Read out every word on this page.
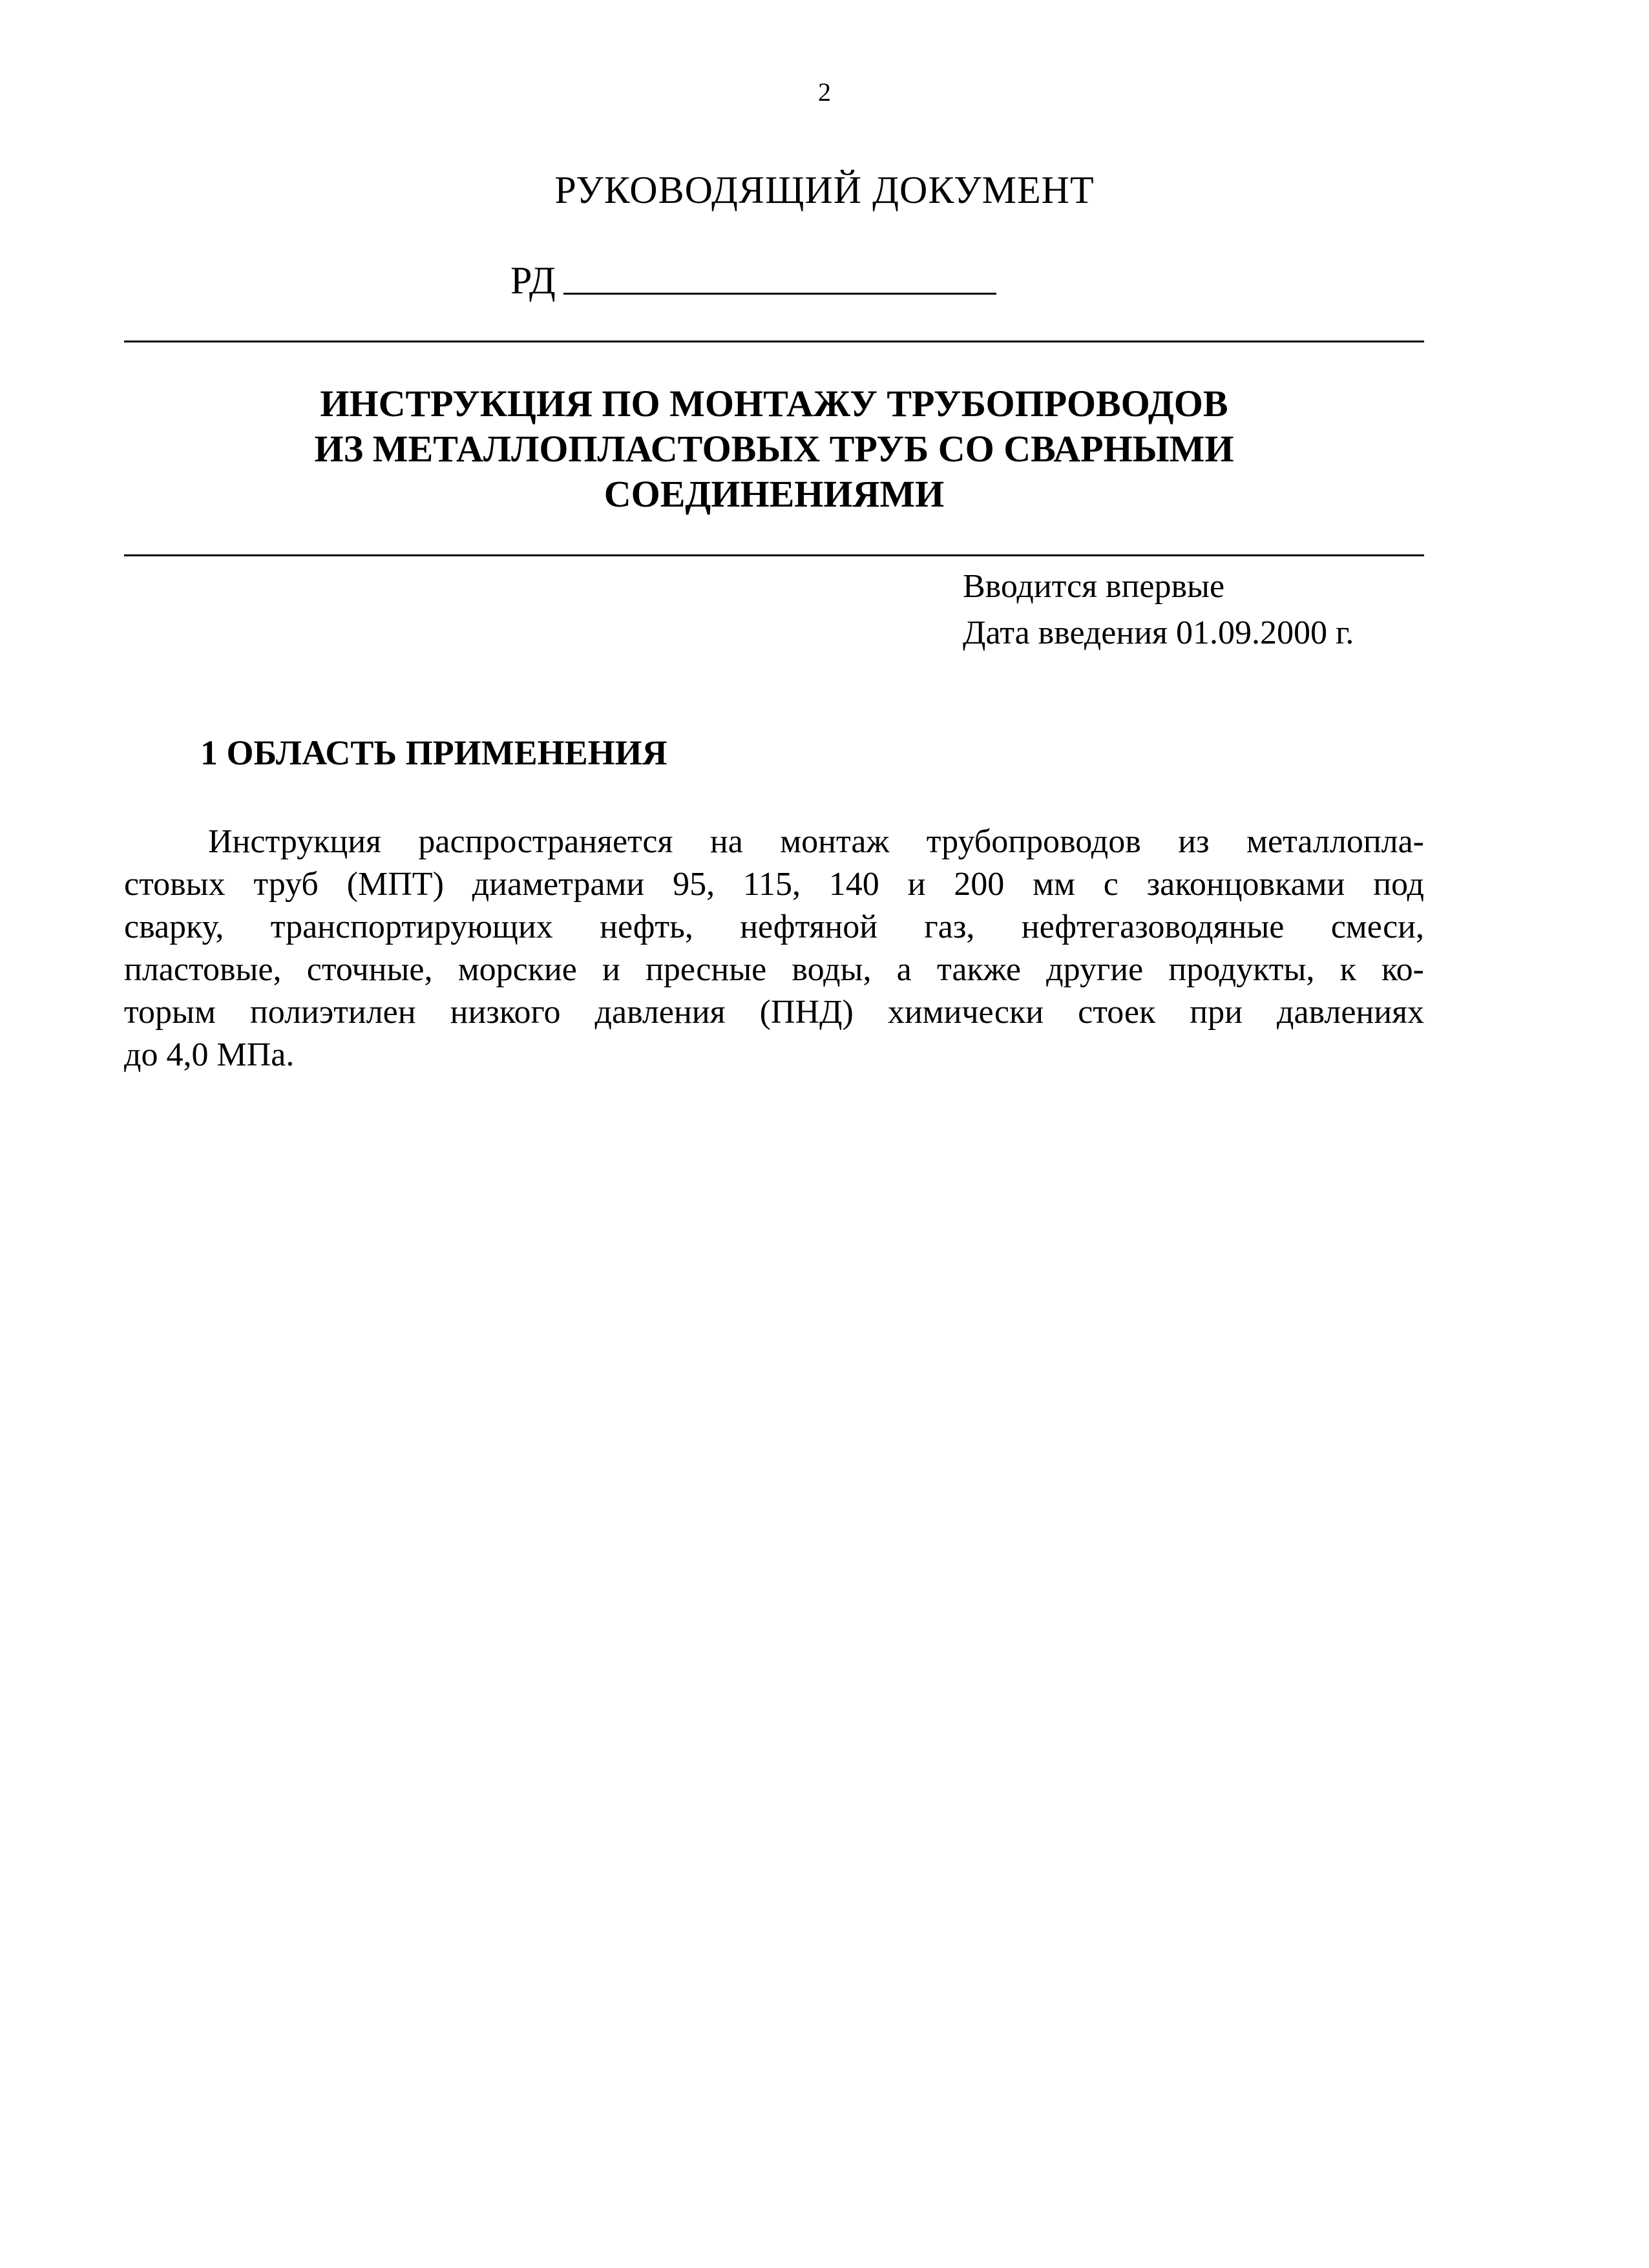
2
РУКОВОДЯЩИЙ ДОКУМЕНТ
РД
ИНСТРУКЦИЯ ПО МОНТАЖУ ТРУБОПРОВОДОВ
ИЗ МЕТАЛЛОПЛАСТОВЫХ ТРУБ СО СВАРНЫМИ
СОЕДИНЕНИЯМИ
Вводится впервые
Дата введения 01.09.2000 г.
1 ОБЛАСТЬ ПРИМЕНЕНИЯ
Инструкция распространяется на монтаж трубопроводов из металлопла-
стовых труб (МПТ) диаметрами 95, 115, 140 и 200 мм с законцовками под
сварку, транспортирующих нефть, нефтяной газ, нефтегазоводяные смеси,
пластовые, сточные, морские и пресные воды, а также другие продукты, к ко-
торым полиэтилен низкого давления (ПНД) химически стоек при давлениях
до 4,0 МПа.
